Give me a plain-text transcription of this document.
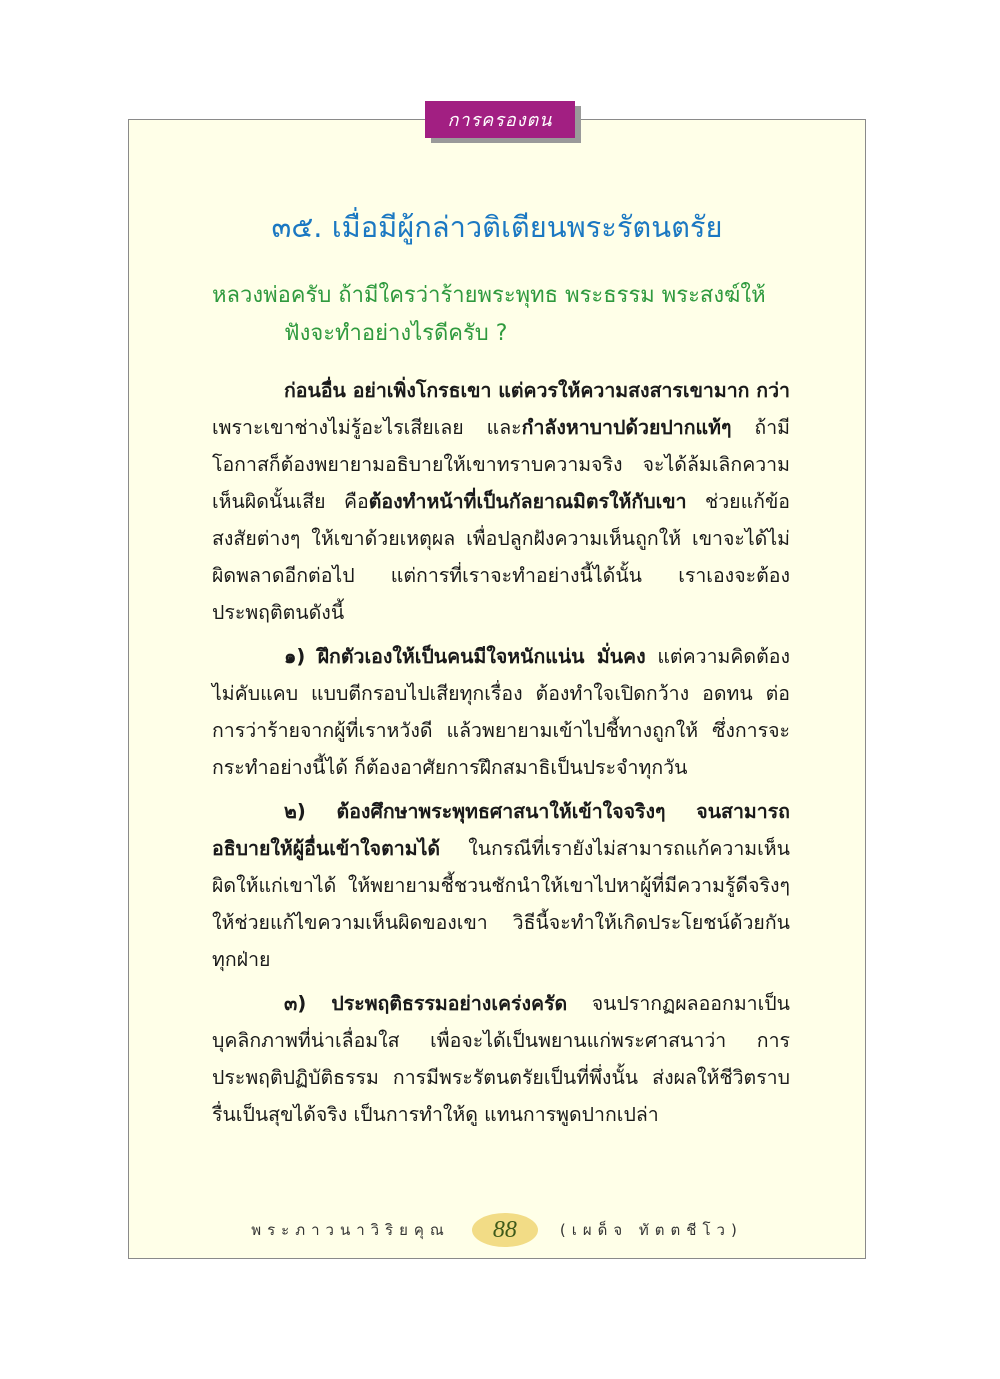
การครองตน
๓๕. เมื่อมีผู้กล่าวติเตียนพระรัตนตรัย
หลวงพ่อครับ ถ้ามีใครว่าร้ายพระพุทธ พระธรรม พระสงฆ์ให้
ฟังจะทำอย่างไรดีครับ ?

ก่อนอื่น อย่าเพิ่งโกรธเขา แต่ควรให้ความสงสารเขามาก กว่า เพราะเขาช่างไม่รู้อะไรเสียเลย และกำลังหาบาปด้วยปากแท้ๆ ถ้ามีโอกาสก็ต้องพยายามอธิบายให้เขาทราบความจริง จะได้ล้มเลิกความเห็นผิดนั้นเสีย คือต้องทำหน้าที่เป็นกัลยาณมิตรให้กับเขา ช่วยแก้ข้อสงสัยต่างๆ ให้เขาด้วยเหตุผล เพื่อปลูกฝังความเห็นถูกให้ เขาจะได้ไม่ผิดพลาดอีกต่อไป แต่การที่เราจะทำอย่างนี้ได้นั้น เราเองจะต้องประพฤติตนดังนี้

๑) ฝึกตัวเองให้เป็นคนมีใจหนักแน่น มั่นคง แต่ความคิดต้องไม่คับแคบ แบบตีกรอบไปเสียทุกเรื่อง ต้องทำใจเปิดกว้าง อดทน ต่อการว่าร้ายจากผู้ที่เราหวังดี แล้วพยายามเข้าไปชี้ทางถูกให้ ซึ่งการจะกระทำอย่างนี้ได้ ก็ต้องอาศัยการฝึกสมาธิเป็นประจำทุกวัน

๒) ต้องศึกษาพระพุทธศาสนาให้เข้าใจจริงๆ จนสามารถอธิบายให้ผู้อื่นเข้าใจตามได้ ในกรณีที่เรายังไม่สามารถแก้ความเห็นผิดให้แก่เขาได้ ให้พยายามชี้ชวนชักนำให้เขาไปหาผู้ที่มีความรู้ดีจริงๆ ให้ช่วยแก้ไขความเห็นผิดของเขา วิธีนี้จะทำให้เกิดประโยชน์ด้วยกันทุกฝ่าย

๓) ประพฤติธรรมอย่างเคร่งครัด จนปรากฏผลออกมาเป็นบุคลิกภาพที่น่าเลื่อมใส เพื่อจะได้เป็นพยานแก่พระศาสนาว่า การประพฤติปฏิบัติธรรม การมีพระรัตนตรัยเป็นที่พึ่งนั้น ส่งผลให้ชีวิตราบรื่นเป็นสุขได้จริง เป็นการทำให้ดู แทนการพูดปากเปล่า

พระภาวนาวิริยคุณ	88	(เผด็จ ทัตตชีโว)
